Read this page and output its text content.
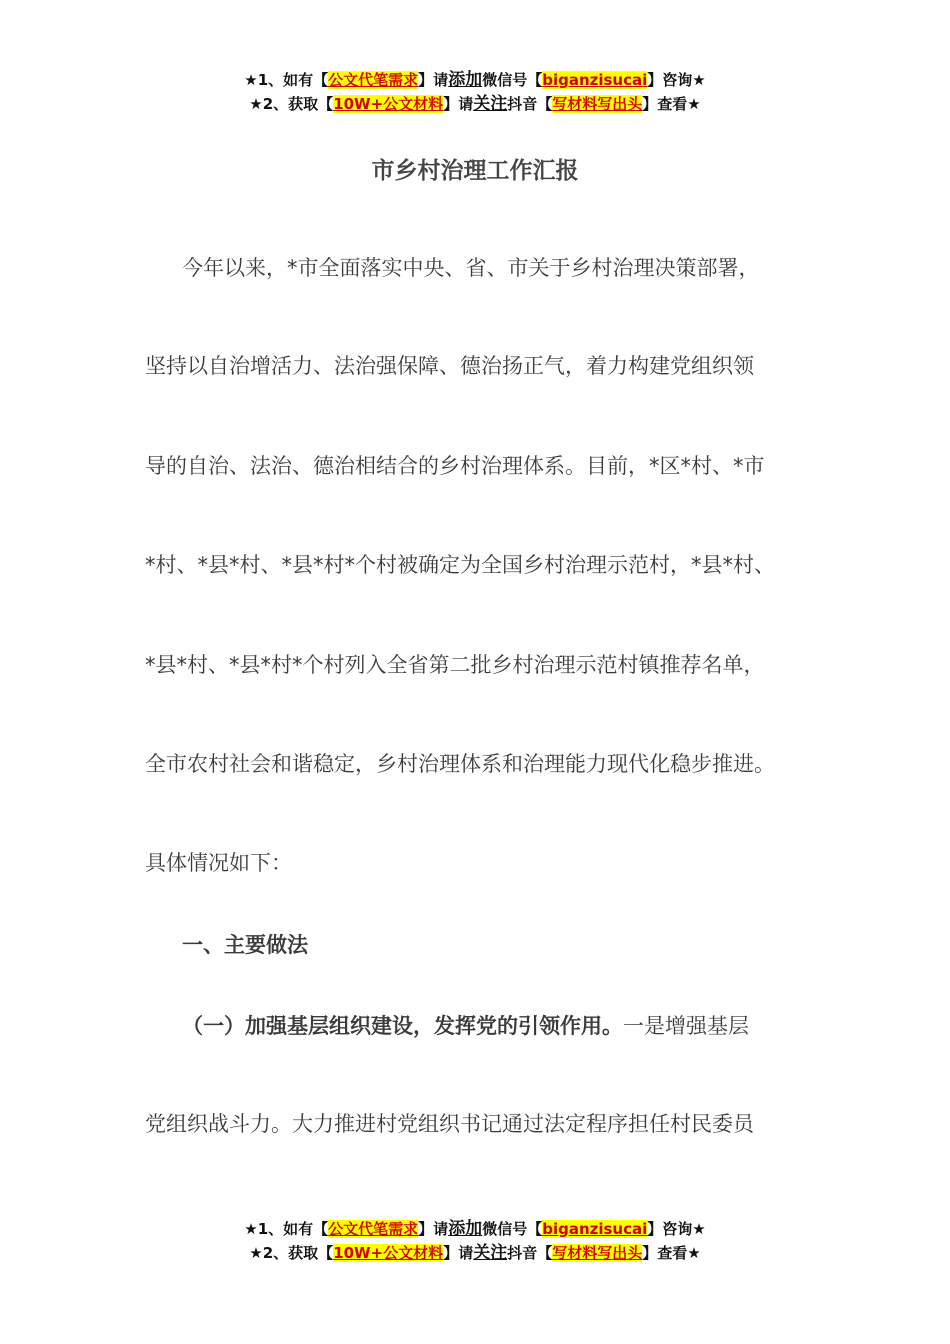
★1、如有【公文代笔需求】请添加微信号【biganzisucai】咨询★
★2、获取【10W+公文材料】请关注抖音【写材料写出头】查看★
市乡村治理工作汇报
今年以来，*市全面落实中央、省、市关于乡村治理决策部署，
坚持以自治增活力、法治强保障、德治扬正气，着力构建党组织领
导的自治、法治、德治相结合的乡村治理体系。目前，*区*村、*市
*村、*县*村、*县*村*个村被确定为全国乡村治理示范村，*县*村、
*县*村、*县*村*个村列入全省第二批乡村治理示范村镇推荐名单，
全市农村社会和谐稳定，乡村治理体系和治理能力现代化稳步推进。
具体情况如下：
一、主要做法
（一）加强基层组织建设，发挥党的引领作用。一是增强基层
党组织战斗力。大力推进村党组织书记通过法定程序担任村民委员
★1、如有【公文代笔需求】请添加微信号【biganzisucai】咨询★
★2、获取【10W+公文材料】请关注抖音【写材料写出头】查看★
